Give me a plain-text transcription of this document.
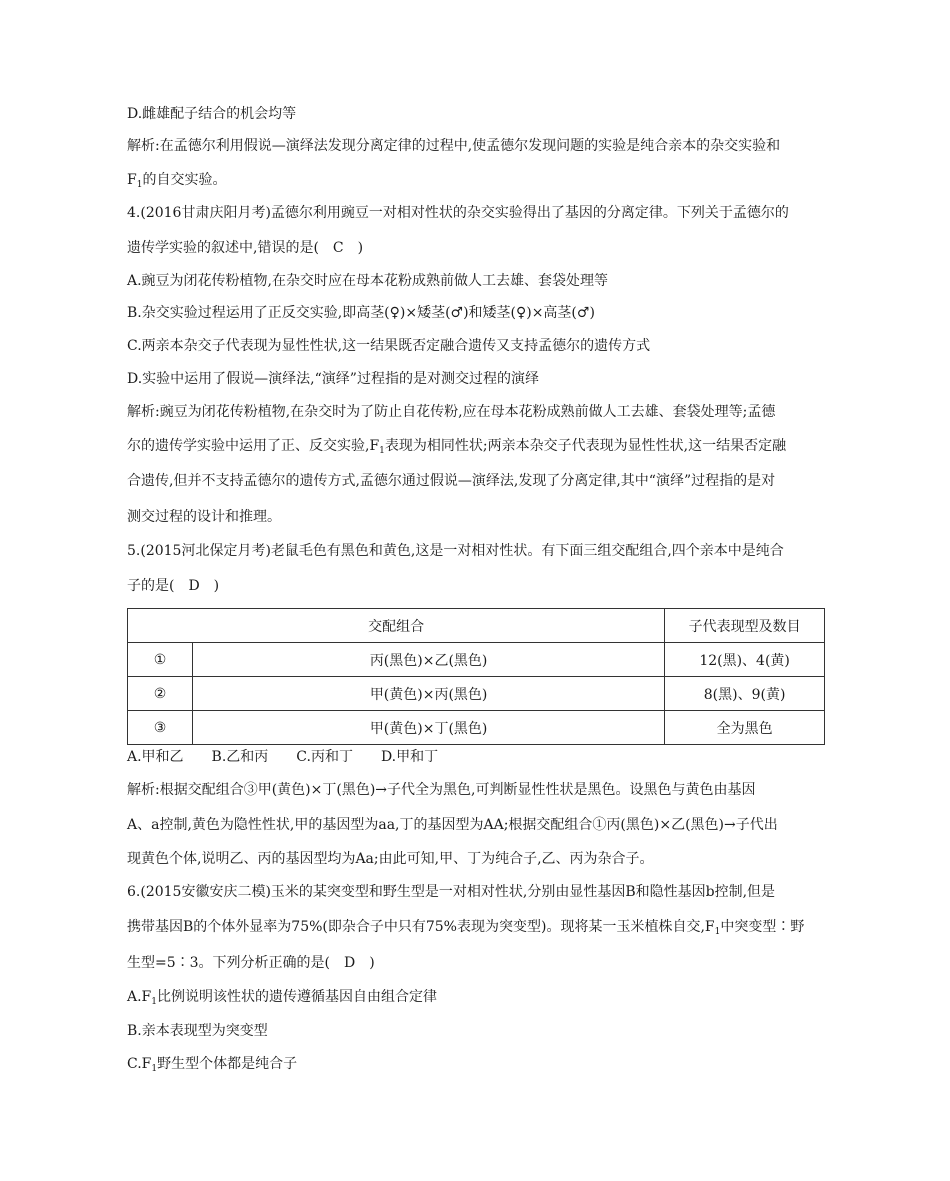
D.雌雄配子结合的机会均等
解析:在孟德尔利用假说—演绎法发现分离定律的过程中,使孟德尔发现问题的实验是纯合亲本的杂交实验和
$F_1$的自交实验。
4.(2016甘肃庆阳月考)孟德尔利用豌豆一对相对性状的杂交实验得出了基因的分离定律。下列关于孟德尔的
遗传学实验的叙述中,错误的是(　C　)
A.豌豆为闭花传粉植物,在杂交时应在母本花粉成熟前做人工去雄、套袋处理等
B.杂交实验过程运用了正反交实验,即高茎(♀)×矮茎(♂)和矮茎(♀)×高茎(♂)
C.两亲本杂交子代表现为显性性状,这一结果既否定融合遗传又支持孟德尔的遗传方式
D.实验中运用了假说—演绎法,“演绎”过程指的是对测交过程的演绎
解析:豌豆为闭花传粉植物,在杂交时为了防止自花传粉,应在母本花粉成熟前做人工去雄、套袋处理等;孟德
尔的遗传学实验中运用了正、反交实验$,F_1$表现为相同性状;两亲本杂交子代表现为显性性状,这一结果否定融
合遗传,但并不支持孟德尔的遗传方式,孟德尔通过假说—演绎法,发现了分离定律,其中“演绎”过程指的是对
测交过程的设计和推理。
5.(2015河北保定月考)老鼠毛色有黑色和黄色,这是一对相对性状。有下面三组交配组合,四个亲本中是纯合
子的是(　D　)
交配组合		子代表现型及数目
①	丙(黑色)×乙(黑色)	12(黑)、4(黄)
②	甲(黄色)×丙(黑色)	8(黑)、9(黄)
③	甲(黄色)×丁(黑色)	全为黑色
A.甲和乙　　B.乙和丙　　C.丙和丁　　D.甲和丁
解析:根据交配组合③甲(黄色)×丁(黑色)→子代全为黑色,可判断显性性状是黑色。设黑色与黄色由基因
A、a控制,黄色为隐性性状,甲的基因型为aa,丁的基因型为AA;根据交配组合①丙(黑色)×乙(黑色)→子代出
现黄色个体,说明乙、丙的基因型均为Aa;由此可知,甲、丁为纯合子,乙、丙为杂合子。
6.(2015安徽安庆二模)玉米的某突变型和野生型是一对相对性状,分别由显性基因B和隐性基因b控制,但是
携带基因B的个体外显率为75%(即杂合子中只有75%表现为突变型)。现将某一玉米植株自交$,F_1$中突变型∶野
生型=5∶3。下列分析正确的是(　D　)
$A.F_1$比例说明该性状的遗传遵循基因自由组合定律
B.亲本表现型为突变型
$C.F_1$野生型个体都是纯合子
